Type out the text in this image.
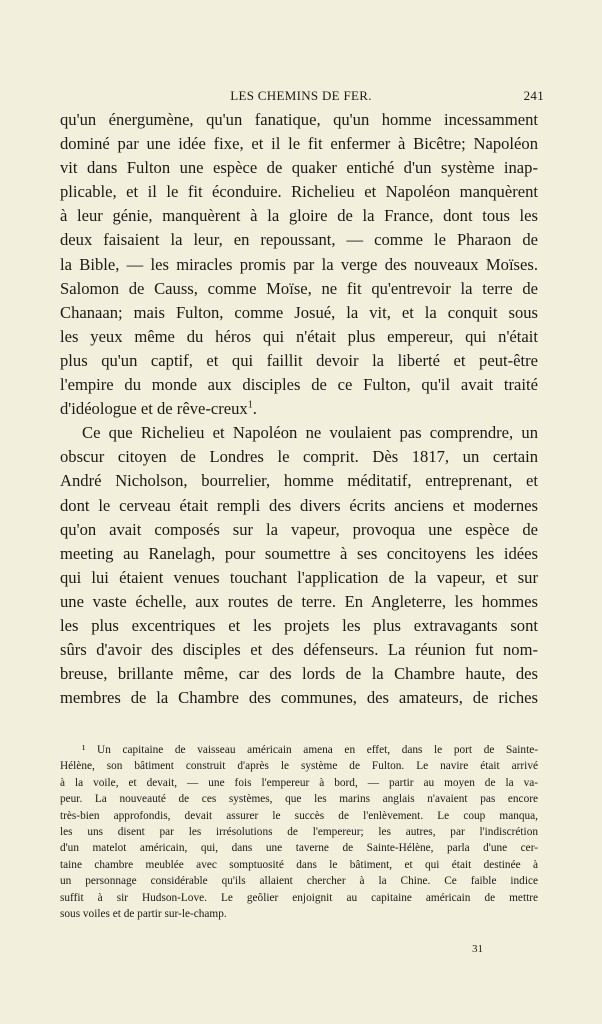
LES CHEMINS DE FER.	241
qu'un énergumène, qu'un fanatique, qu'un homme incessamment
dominé par une idée fixe, et il le fit enfermer à Bicêtre; Napoléon
vit dans Fulton une espèce de quaker entiché d'un système inap-
plicable, et il le fit éconduire. Richelieu et Napoléon manquèrent
à leur génie, manquèrent à la gloire de la France, dont tous les
deux faisaient la leur, en repoussant, — comme le Pharaon de
la Bible, — les miracles promis par la verge des nouveaux Moïses.
Salomon de Causs, comme Moïse, ne fit qu'entrevoir la terre de
Chanaan; mais Fulton, comme Josué, la vit, et la conquit sous
les yeux même du héros qui n'était plus empereur, qui n'était
plus qu'un captif, et qui faillit devoir la liberté et peut-être
l'empire du monde aux disciples de ce Fulton, qu'il avait traité
d'idéologue et de rêve-creux$^1$.
Ce que Richelieu et Napoléon ne voulaient pas comprendre, un
obscur citoyen de Londres le comprit. Dès 1817, un certain
André Nicholson, bourrelier, homme méditatif, entreprenant, et
dont le cerveau était rempli des divers écrits anciens et modernes
qu'on avait composés sur la vapeur, provoqua une espèce de
meeting au Ranelagh, pour soumettre à ses concitoyens les idées
qui lui étaient venues touchant l'application de la vapeur, et sur
une vaste échelle, aux routes de terre. En Angleterre, les hommes
les plus excentriques et les projets les plus extravagants sont
sûrs d'avoir des disciples et des défenseurs. La réunion fut nom-
breuse, brillante même, car des lords de la Chambre haute, des
membres de la Chambre des communes, des amateurs, de riches
¹ Un capitaine de vaisseau américain amena en effet, dans le port de Sainte-
Hélène, son bâtiment construit d'après le système de Fulton. Le navire était arrivé
à la voile, et devait, — une fois l'empereur à bord, — partir au moyen de la va-
peur. La nouveauté de ces systèmes, que les marins anglais n'avaient pas encore
très-bien approfondis, devait assurer le succès de l'enlèvement. Le coup manqua,
les uns disent par les irrésolutions de l'empereur; les autres, par l'indiscrétion
d'un matelot américain, qui, dans une taverne de Sainte-Hélène, parla d'une cer-
taine chambre meublée avec somptuosité dans le bâtiment, et qui était destinée à
un personnage considérable qu'ils allaient chercher à la Chine. Ce faible indice
suffit à sir Hudson-Love. Le geôlier enjoignit au capitaine américain de mettre
sous voiles et de partir sur-le-champ.
31
